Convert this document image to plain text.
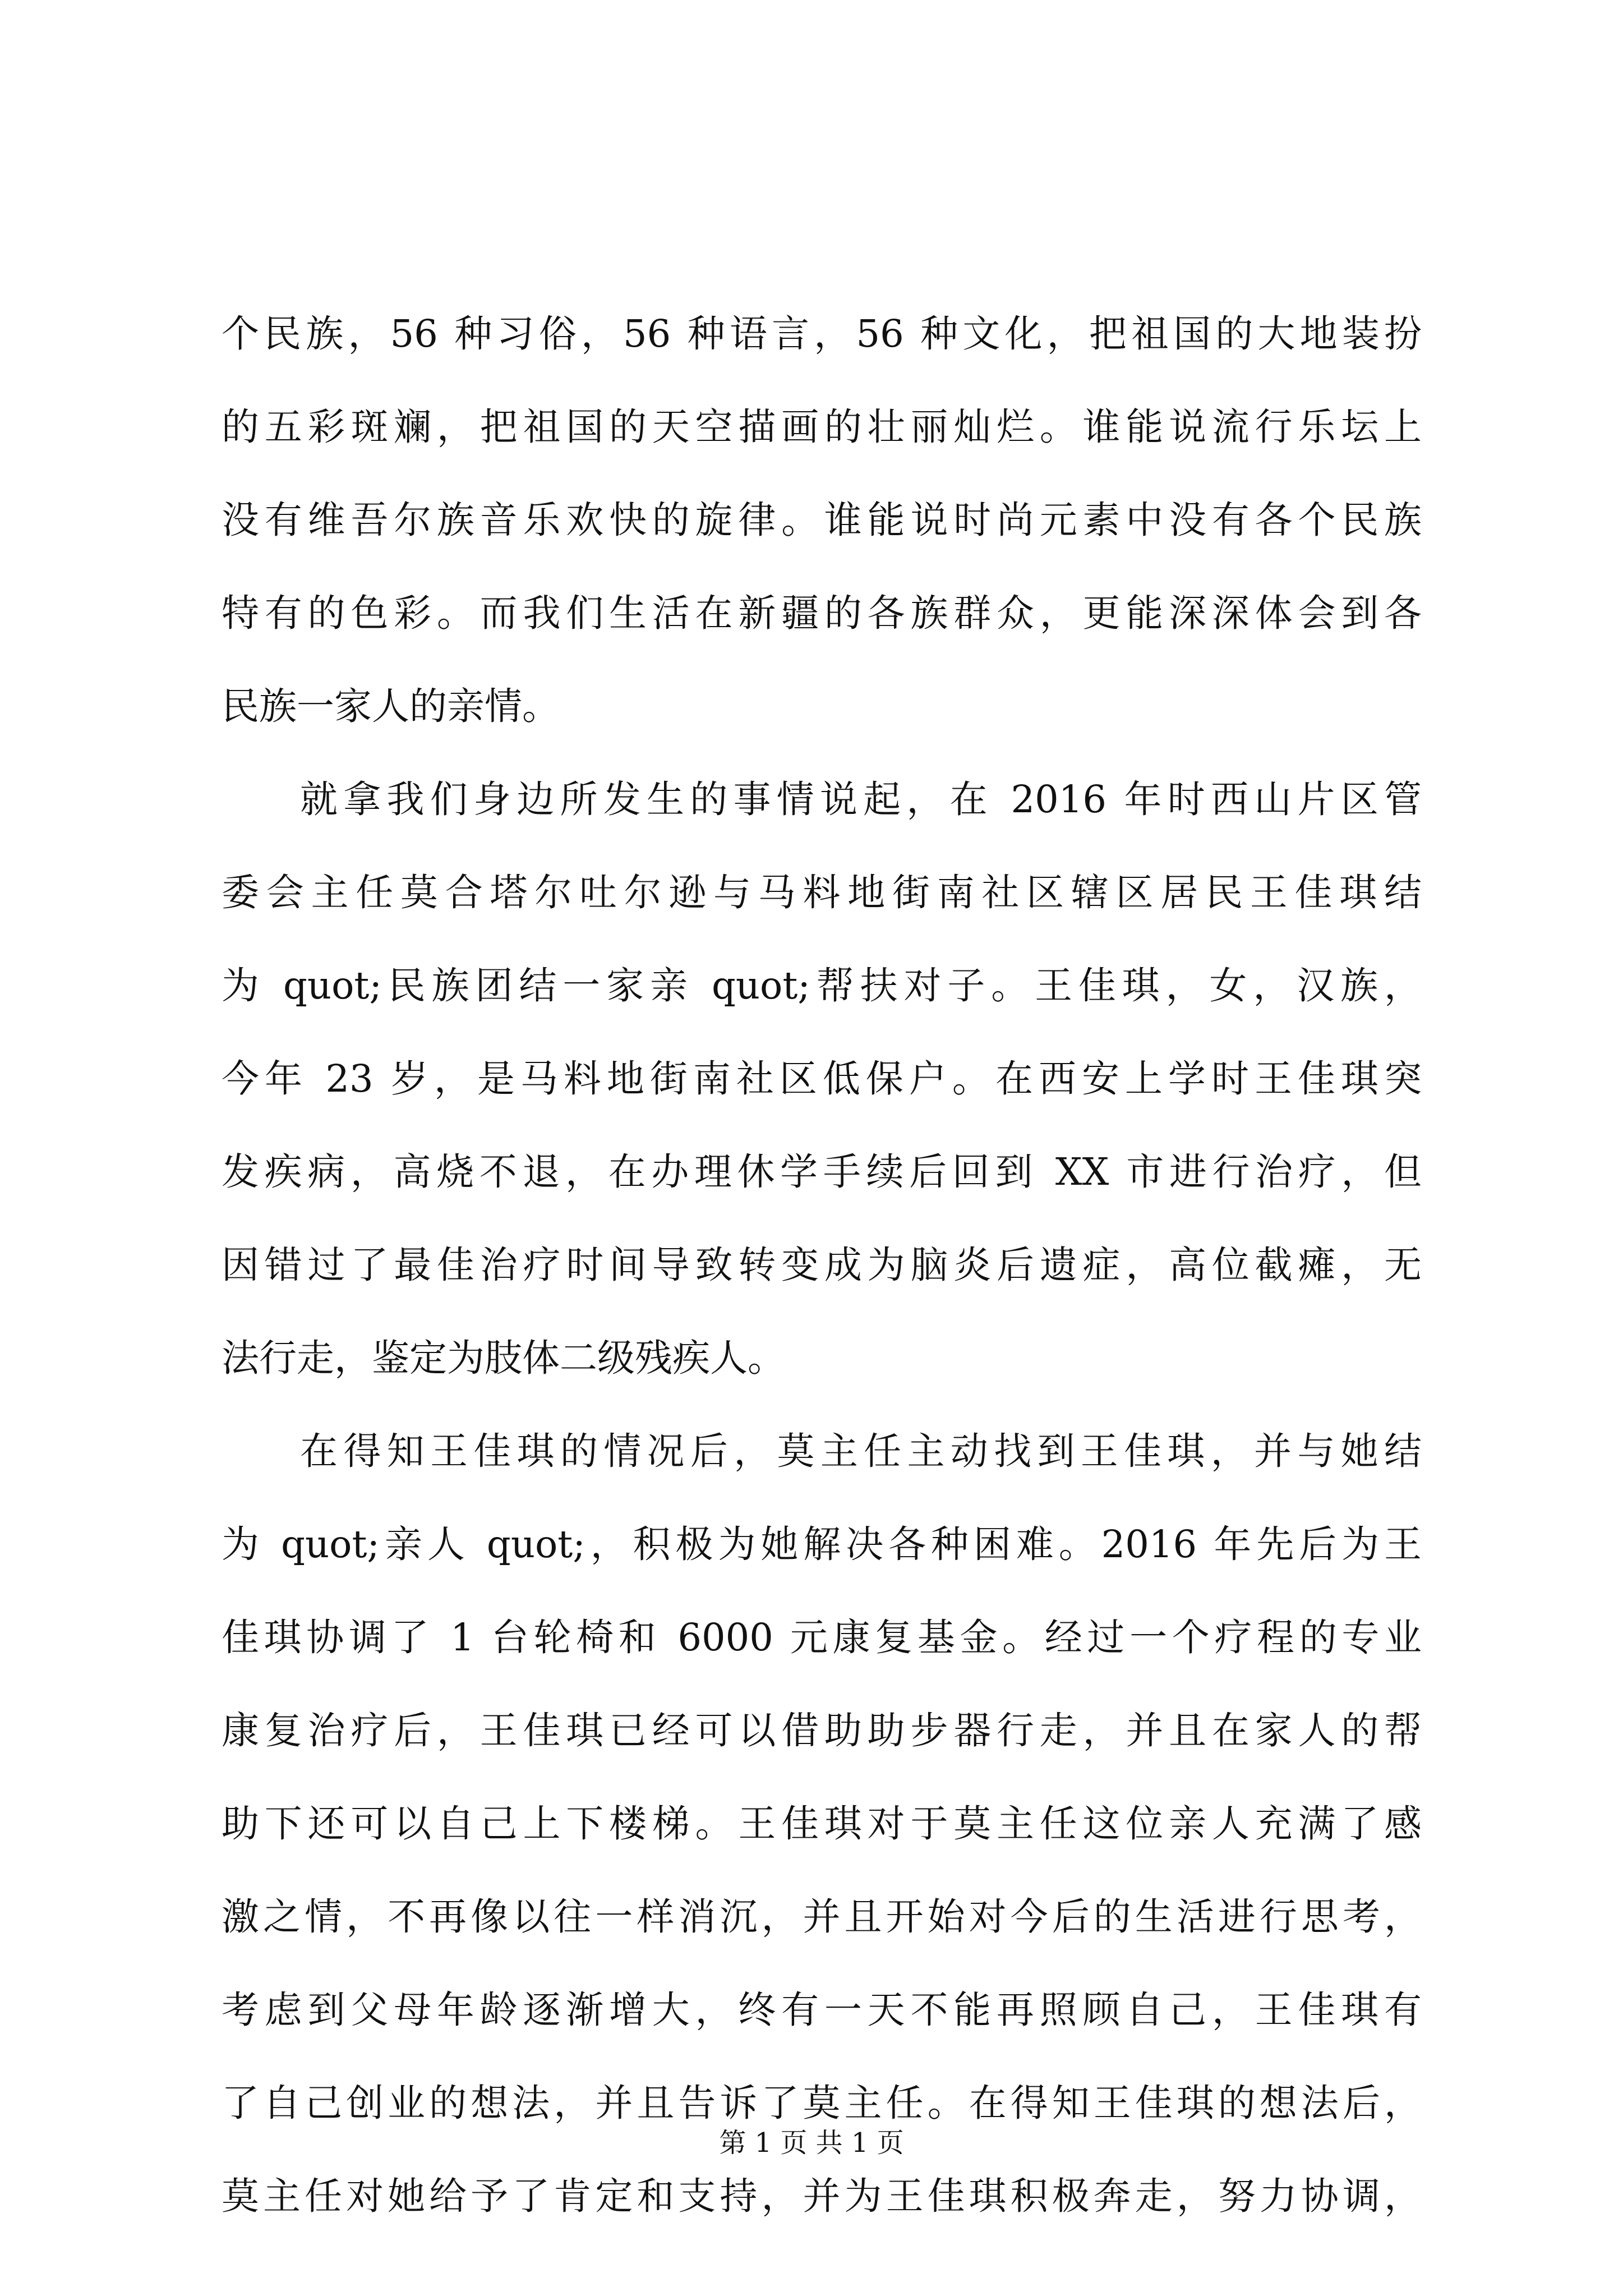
个民族，56 种习俗，56 种语言，56 种文化，把祖国的大地装扮
的五彩斑斓，把祖国的天空描画的壮丽灿烂。谁能说流行乐坛上
没有维吾尔族音乐欢快的旋律。谁能说时尚元素中没有各个民族
特有的色彩。而我们生活在新疆的各族群众，更能深深体会到各
民族一家人的亲情。
就拿我们身边所发生的事情说起，在 2016 年时西山片区管
委会主任莫合塔尔吐尔逊与马料地街南社区辖区居民王佳琪结
为 quot;民族团结一家亲 quot;帮扶对子。王佳琪，女，汉族，
今年 23 岁，是马料地街南社区低保户。在西安上学时王佳琪突
发疾病，高烧不退，在办理休学手续后回到 XX 市进行治疗，但
因错过了最佳治疗时间导致转变成为脑炎后遗症，高位截瘫，无
法行走，鉴定为肢体二级残疾人。
在得知王佳琪的情况后，莫主任主动找到王佳琪，并与她结
为 quot;亲人 quot;，积极为她解决各种困难。2016 年先后为王
佳琪协调了 1 台轮椅和 6000 元康复基金。经过一个疗程的专业
康复治疗后，王佳琪已经可以借助助步器行走，并且在家人的帮
助下还可以自己上下楼梯。王佳琪对于莫主任这位亲人充满了感
激之情，不再像以往一样消沉，并且开始对今后的生活进行思考，
考虑到父母年龄逐渐增大，终有一天不能再照顾自己，王佳琪有
了自己创业的想法，并且告诉了莫主任。在得知王佳琪的想法后，
莫主任对她给予了肯定和支持，并为王佳琪积极奔走，努力协调，
第 1 页 共 1 页
